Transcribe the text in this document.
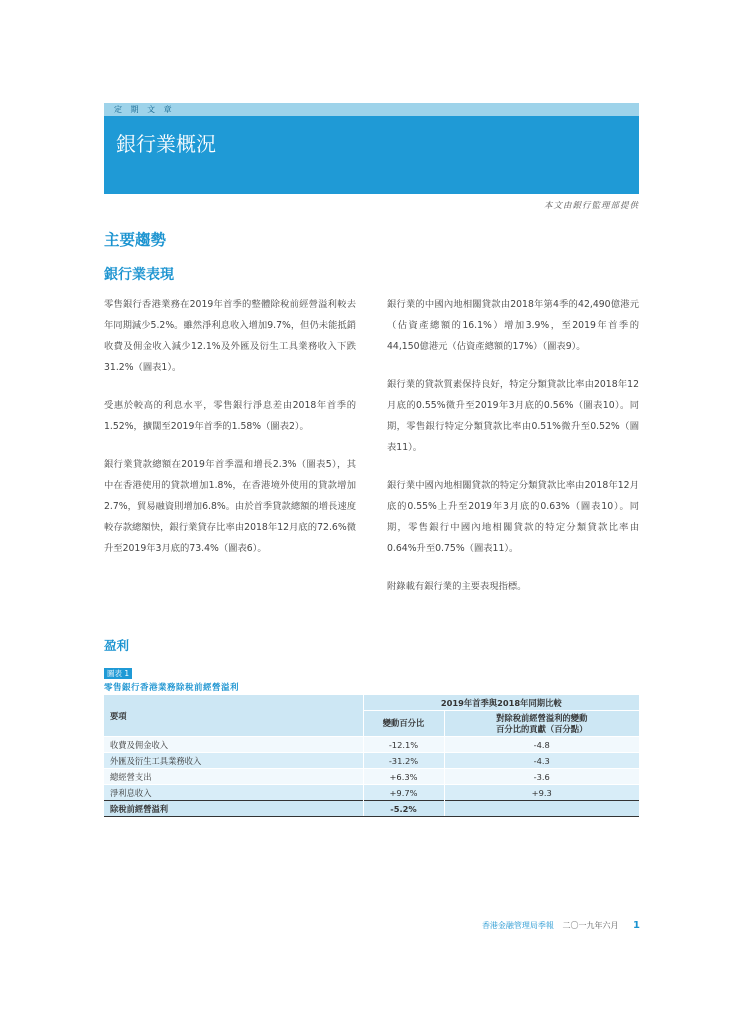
定 期 文 章
銀行業概況
本文由銀行監理部提供
主要趨勢
銀行業表現

零售銀行香港業務在2019年首季的整體除稅前經營溢利較去年同期減少5.2%。雖然淨利息收入增加9.7%，但仍未能抵銷收費及佣金收入減少12.1%及外匯及衍生工具業務收入下跌31.2%（圖表1）。

受惠於較高的利息水平，零售銀行淨息差由2018年首季的1.52%，擴闊至2019年首季的1.58%（圖表2）。

銀行業貸款總額在2019年首季溫和增長2.3%（圖表5），其中在香港使用的貸款增加1.8%，在香港境外使用的貸款增加2.7%，貿易融資則增加6.8%。由於首季貸款總額的增長速度較存款總額快，銀行業貸存比率由2018年12月底的72.6%微升至2019年3月底的73.4%（圖表6）。

銀行業的中國內地相關貸款由2018年第4季的42,490億港元（佔資產總額的16.1%）增加3.9%，至2019年首季的44,150億港元（佔資產總額的17%）（圖表9）。

銀行業的貸款質素保持良好，特定分類貸款比率由2018年12月底的0.55%微升至2019年3月底的0.56%（圖表10）。同期，零售銀行特定分類貸款比率由0.51%微升至0.52%（圖表11）。

銀行業中國內地相關貸款的特定分類貸款比率由2018年12月底的0.55%上升至2019年3月底的0.63%（圖表10）。同期，零售銀行中國內地相關貸款的特定分類貸款比率由0.64%升至0.75%（圖表11）。

附錄載有銀行業的主要表現指標。

盈利
圖表 1
零售銀行香港業務除稅前經營溢利
要項	2019年首季與2018年同期比較	
	變動百分比	對除稅前經營溢利的變動
百分比的貢獻（百分點）
收費及佣金收入	-12.1%	-4.8
外匯及衍生工具業務收入	-31.2%	-4.3
總經營支出	+6.3%	-3.6
淨利息收入	+9.7%	+9.3
除稅前經營溢利	-5.2%	
香港金融管理局季報 二〇一九年六月 1
